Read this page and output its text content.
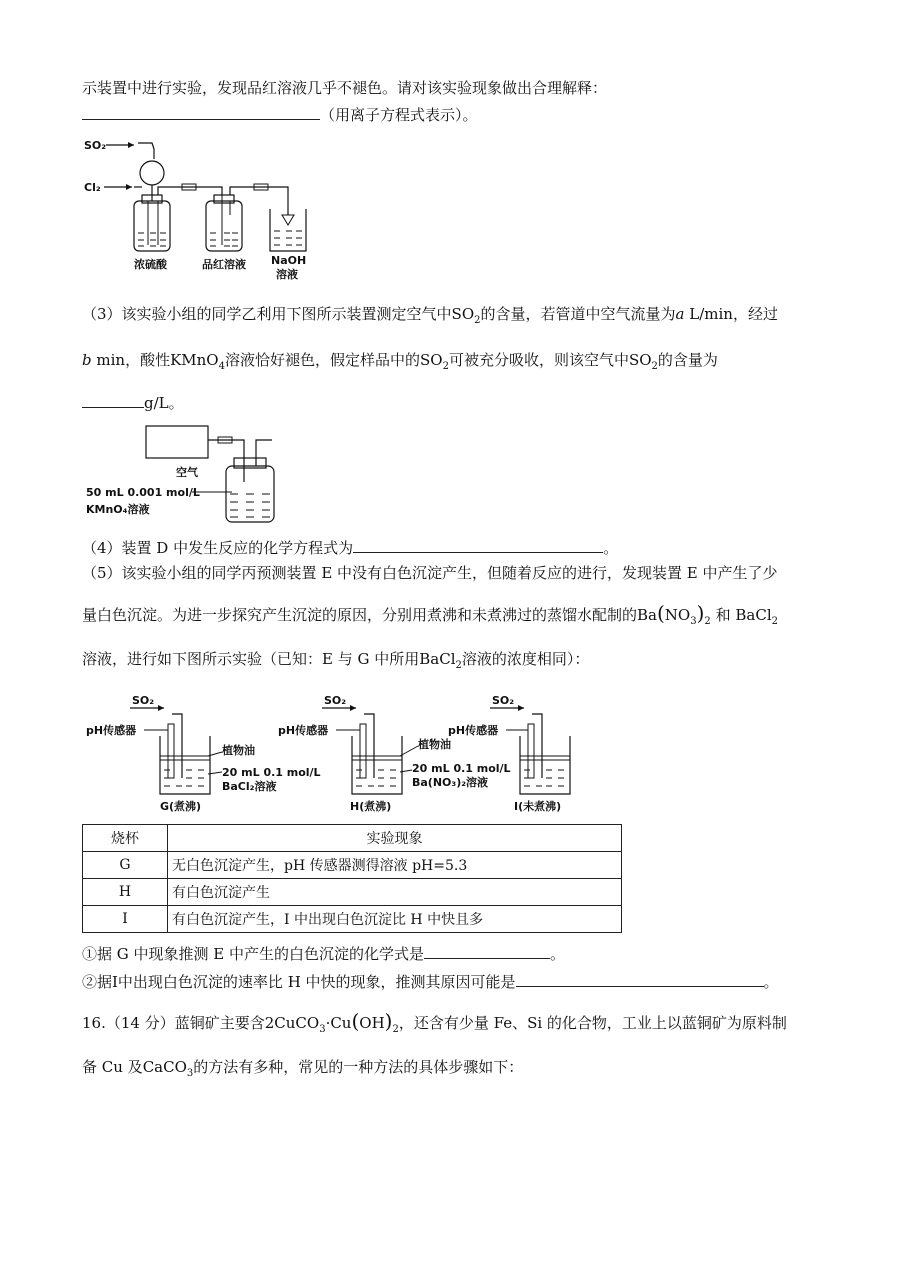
示装置中进行实验，发现品红溶液几乎不褪色。请对该实验现象做出合理解释：
（用离子方程式表示）。
SO₂
Cl₂
浓硫酸	品红溶液 NaOH
溶液
（3）该实验小组的同学乙利用下图所示装置测定空气中$SO_2$的含量，若管道中空气流量为a L/min，经过
b min，酸性KMnO$_4$溶液恰好褪色，假定样品中的$SO_2$可被充分吸收，则该空气中$SO_2$的含量为
g/L。
空气
50 mL 0.001 mol/L
KMnO₄溶液
（4）装置 D 中发生反应的化学方程式为	。
（5）该实验小组的同学丙预测装置 E 中没有白色沉淀产生，但随着反应的进行，发现装置 E 中产生了少
量白色沉淀。为进一步探究产生沉淀的原因，分别用煮沸和未煮沸过的蒸馏水配制的$Ba(NO_3)_2$ 和 BaCl$_2$
溶液，进行如下图所示实验（已知：E 与 G 中所用BaCl$_2$溶液的浓度相同）：
SO₂
pH传感器
植物油
20 mL 0.1 mol/L
BaCl₂溶液
G(煮沸)
SO₂
pH传感器
植物油
20 mL 0.1 mol/L
Ba(NO₃)₂溶液
H(煮沸)
SO₂
pH传感器
I(未煮沸)
烧杯	实验现象
G	无白色沉淀产生，pH 传感器测得溶液 pH=5.3
H	有白色沉淀产生
I	有白色沉淀产生，I 中出现白色沉淀比 H 中快且多
①据 G 中现象推测 E 中产生的白色沉淀的化学式是	。
②据I中出现白色沉淀的速率比 H 中快的现象，推测其原因可能是	。
16.（14 分）蓝铜矿主要含$2CuCO_3\cdot Cu(OH)_2$，还含有少量 Fe、Si 的化合物，工业上以蓝铜矿为原料制
备 Cu 及CaCO$_3$的方法有多种，常见的一种方法的具体步骤如下：
